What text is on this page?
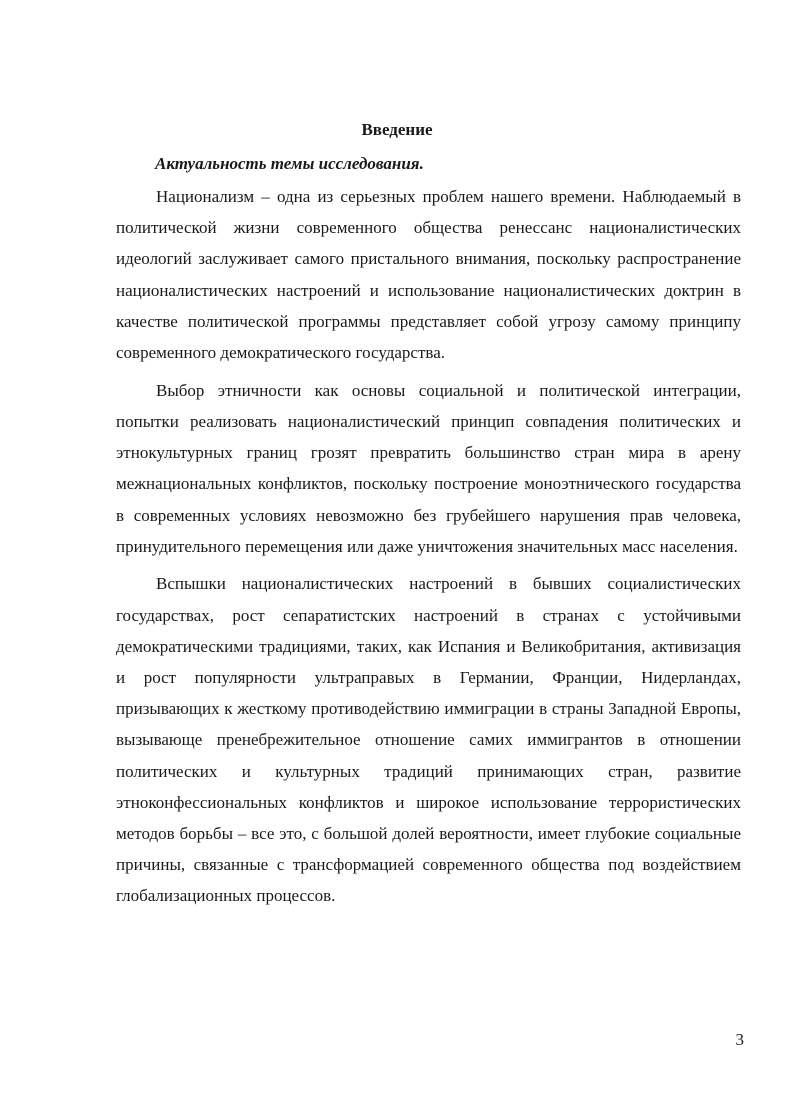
Введение
Актуальность темы исследования.

Национализм – одна из серьезных проблем нашего времени. Наблюдаемый в политической жизни современного общества ренессанс националистических идеологий заслуживает самого пристального внимания, поскольку распространение националистических настроений и использование националистических доктрин в качестве политической программы представляет собой угрозу самому принципу современного демократического государства.

Выбор этничности как основы социальной и политической интеграции, попытки реализовать националистический принцип совпадения политических и этнокультурных границ грозят превратить большинство стран мира в арену межнациональных конфликтов, поскольку построение моноэтнического государства в современных условиях невозможно без грубейшего нарушения прав человека, принудительного перемещения или даже уничтожения значительных масс населения.

Вспышки националистических настроений в бывших социалистических государствах, рост сепаратистских настроений в странах с устойчивыми демократическими традициями, таких, как Испания и Великобритания, активизация и рост популярности ультраправых в Германии, Франции, Нидерландах, призывающих к жесткому противодействию иммиграции в страны Западной Европы, вызывающе пренебрежительное отношение самих иммигрантов в отношении политических и культурных традиций принимающих стран, развитие этноконфессиональных конфликтов и широкое использование террористических методов борьбы – все это, с большой долей вероятности, имеет глубокие социальные причины, связанные с трансформацией современного общества под воздействием глобализационных процессов.

3
